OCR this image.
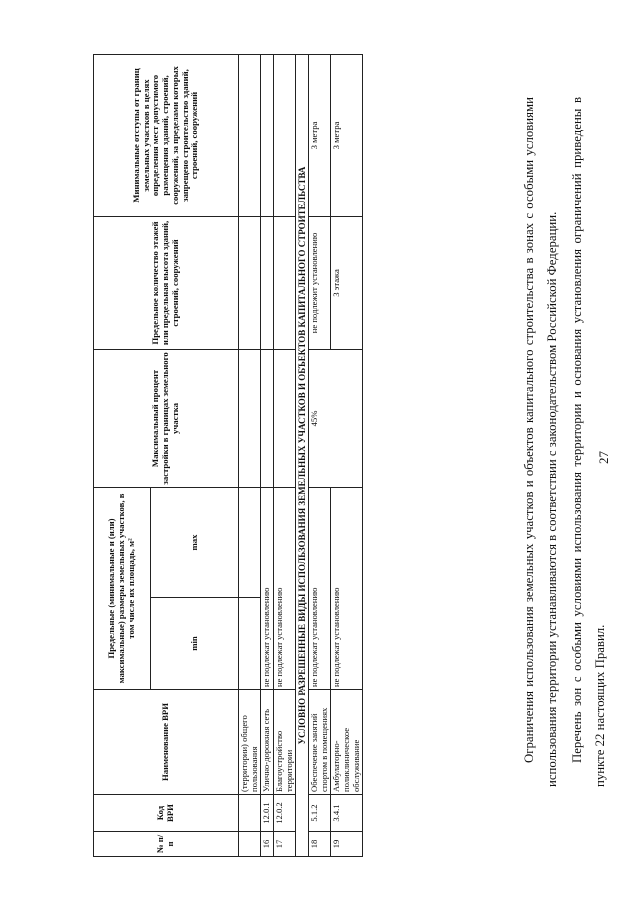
27
№ п/п	Код ВРИ	Наименование ВРИ	Предельные (минимальные и (или) максимальные) размеры земельных участков, в том числе их площадь, м²		Максимальный процент застройки в границах земельного участка	Предельное количество этажей или предельная высота зданий, строений, сооружений	Минимальные отступы от границ земельных участков в целях определения мест допустимого размещения зданий, строений, сооружений, за пределами которых запрещено строительство зданий, строений, сооружений
			min	max			
		(территории) общего пользования					
16	12.0.1	Улично-дорожная сеть	не подлежат установлению				
17	12.0.2	Благоустройство территории	не подлежат установлению				
УСЛОВНО РАЗРЕШЕННЫЕ ВИДЫ ИСПОЛЬЗОВАНИЯ ЗЕМЕЛЬНЫХ УЧАСТКОВ И ОБЪЕКТОВ КАПИТАЛЬНОГО СТРОИТЕЛЬСТВА							
18	5.1.2	Обеспечение занятий спортом в помещениях	не подлежат установлению		45%	не подлежит установлению	3 метра
19	3.4.1	Амбулаторно-поликлиническое обслуживание	не подлежат установлению			3 этажа	3 метра	Ограничения использования земельных участков и объектов капитального строительства в зонах с особыми условиями использования территории устанавливаются в соответствии с законодательством Российской Федерации. Перечень зон с особыми условиями использования территории и основания установления ограничений приведены в пункте 22 настоящих Правил.
